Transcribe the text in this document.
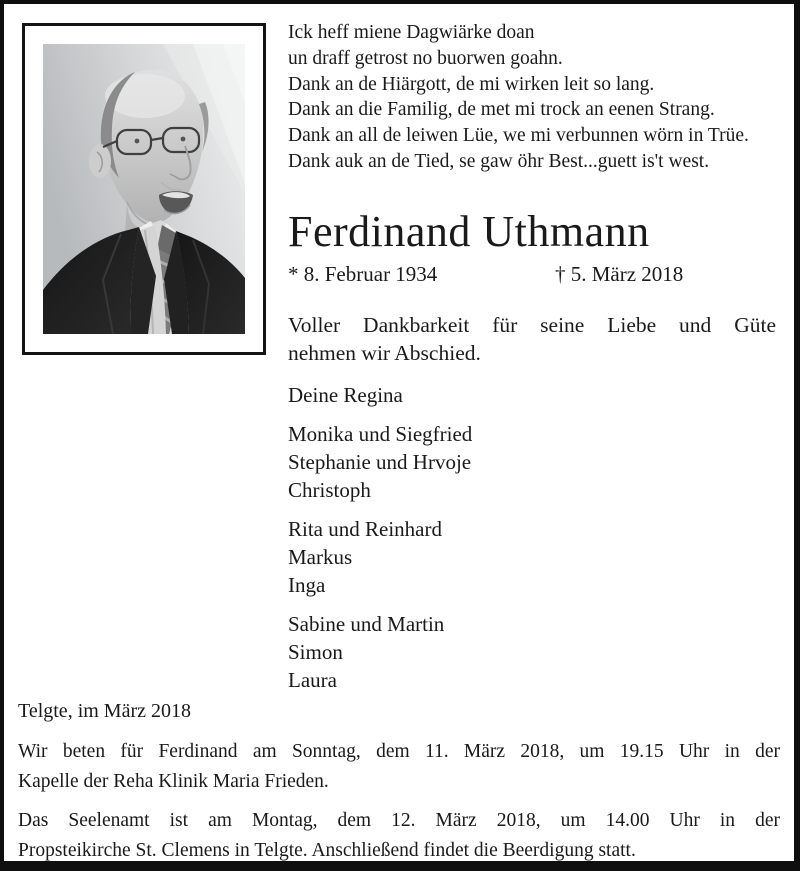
Ick heff miene Dagwiärke doan
un draff getrost no buorwen goahn.
Dank an de Hiärgott, de mi wirken leit so lang.
Dank an die Familig, de met mi trock an eenen Strang.
Dank an all de leiwen Lüe, we mi verbunnen wörn in Trüe.
Dank auk an de Tied, se gaw öhr Best...guett is't west.
Ferdinand Uthmann
* 8. Februar 1934	† 5. März 2018
Voller Dankbarkeit für seine Liebe und Güte
nehmen wir Abschied.
Deine Regina
Monika und Siegfried
Stephanie und Hrvoje
Christoph
Rita und Reinhard
Markus
Inga
Sabine und Martin
Simon
Laura
Telgte, im März 2018
Wir beten für Ferdinand am Sonntag, dem 11. März 2018, um 19.15 Uhr in der
Kapelle der Reha Klinik Maria Frieden.
Das Seelenamt ist am Montag, dem 12. März 2018, um 14.00 Uhr in der
Propsteikirche St. Clemens in Telgte. Anschließend findet die Beerdigung statt.
